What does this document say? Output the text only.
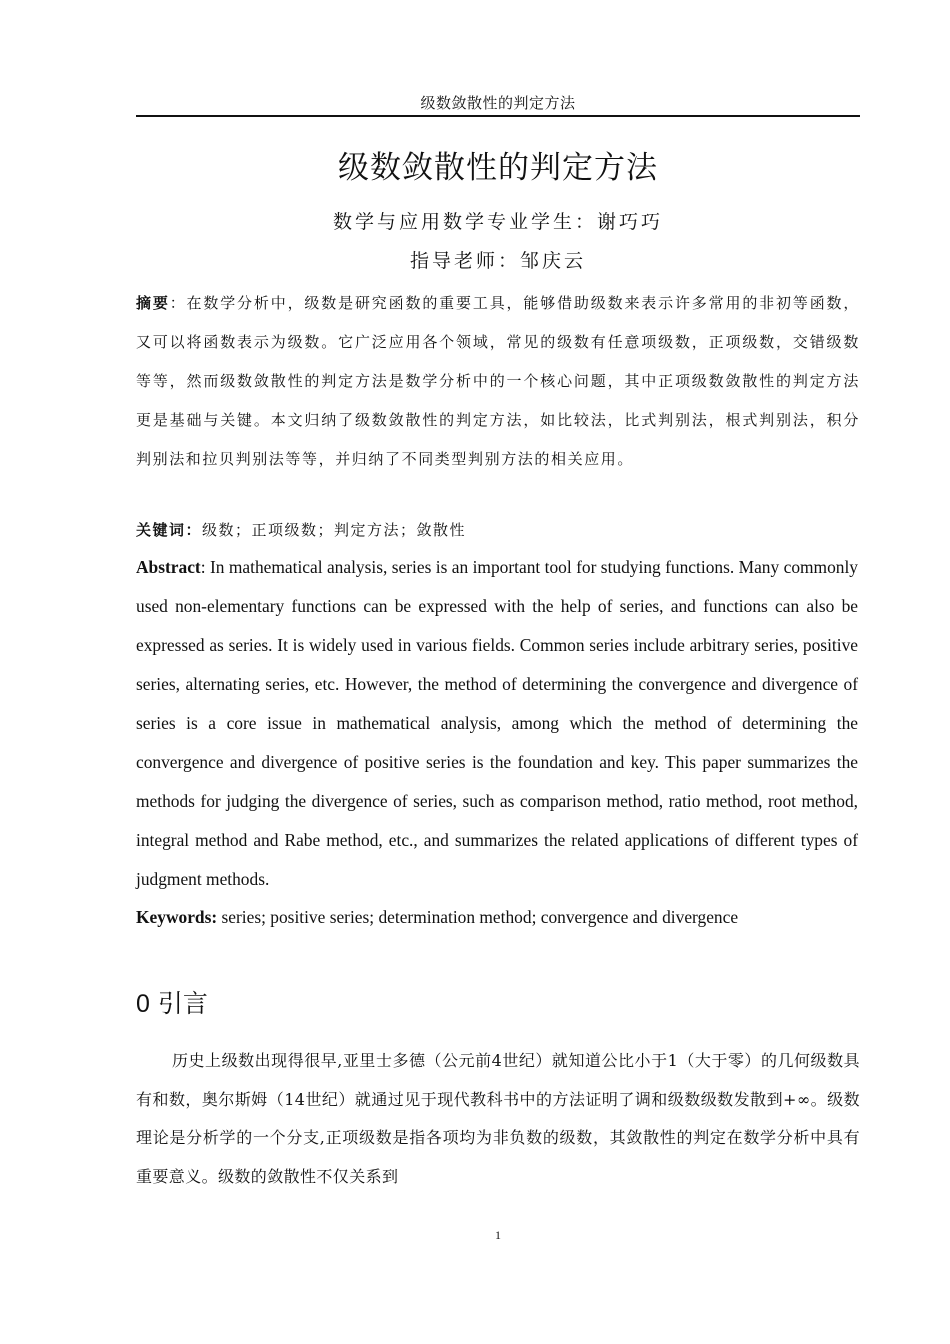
级数敛散性的判定方法
级数敛散性的判定方法
数学与应用数学专业学生：谢巧巧
指导老师：邹庆云

摘要：在数学分析中，级数是研究函数的重要工具，能够借助级数来表示许多常用的非初等函数，又可以将函数表示为级数。它广泛应用各个领域，常见的级数有任意项级数，正项级数，交错级数等等，然而级数敛散性的判定方法是数学分析中的一个核心问题，其中正项级数敛散性的判定方法更是基础与关键。本文归纳了级数敛散性的判定方法，如比较法，比式判别法，根式判别法，积分判别法和拉贝判别法等等，并归纳了不同类型判别方法的相关应用。

关键词：级数；正项级数；判定方法；敛散性

Abstract: In mathematical analysis, series is an important tool for studying functions. Many commonly used non-elementary functions can be expressed with the help of series, and functions can also be expressed as series. It is widely used in various fields. Common series include arbitrary series, positive series, alternating series, etc. However, the method of determining the convergence and divergence of series is a core issue in mathematical analysis, among which the method of determining the convergence and divergence of positive series is the foundation and key. This paper summarizes the methods for judging the divergence of series, such as comparison method, ratio method, root method, integral method and Rabe method, etc., and summarizes the related applications of different types of judgment methods.

Keywords: series; positive series; determination method; convergence and divergence

0 引言

历史上级数出现得很早,亚里士多德（公元前4世纪）就知道公比小于1（大于零）的几何级数具有和数，奥尔斯姆（14世纪）就通过见于现代教科书中的方法证明了调和级数级数发散到+∞。级数理论是分析学的一个分支,正项级数是指各项均为非负数的级数，其敛散性的判定在数学分析中具有重要意义。级数的敛散性不仅关系到

1
